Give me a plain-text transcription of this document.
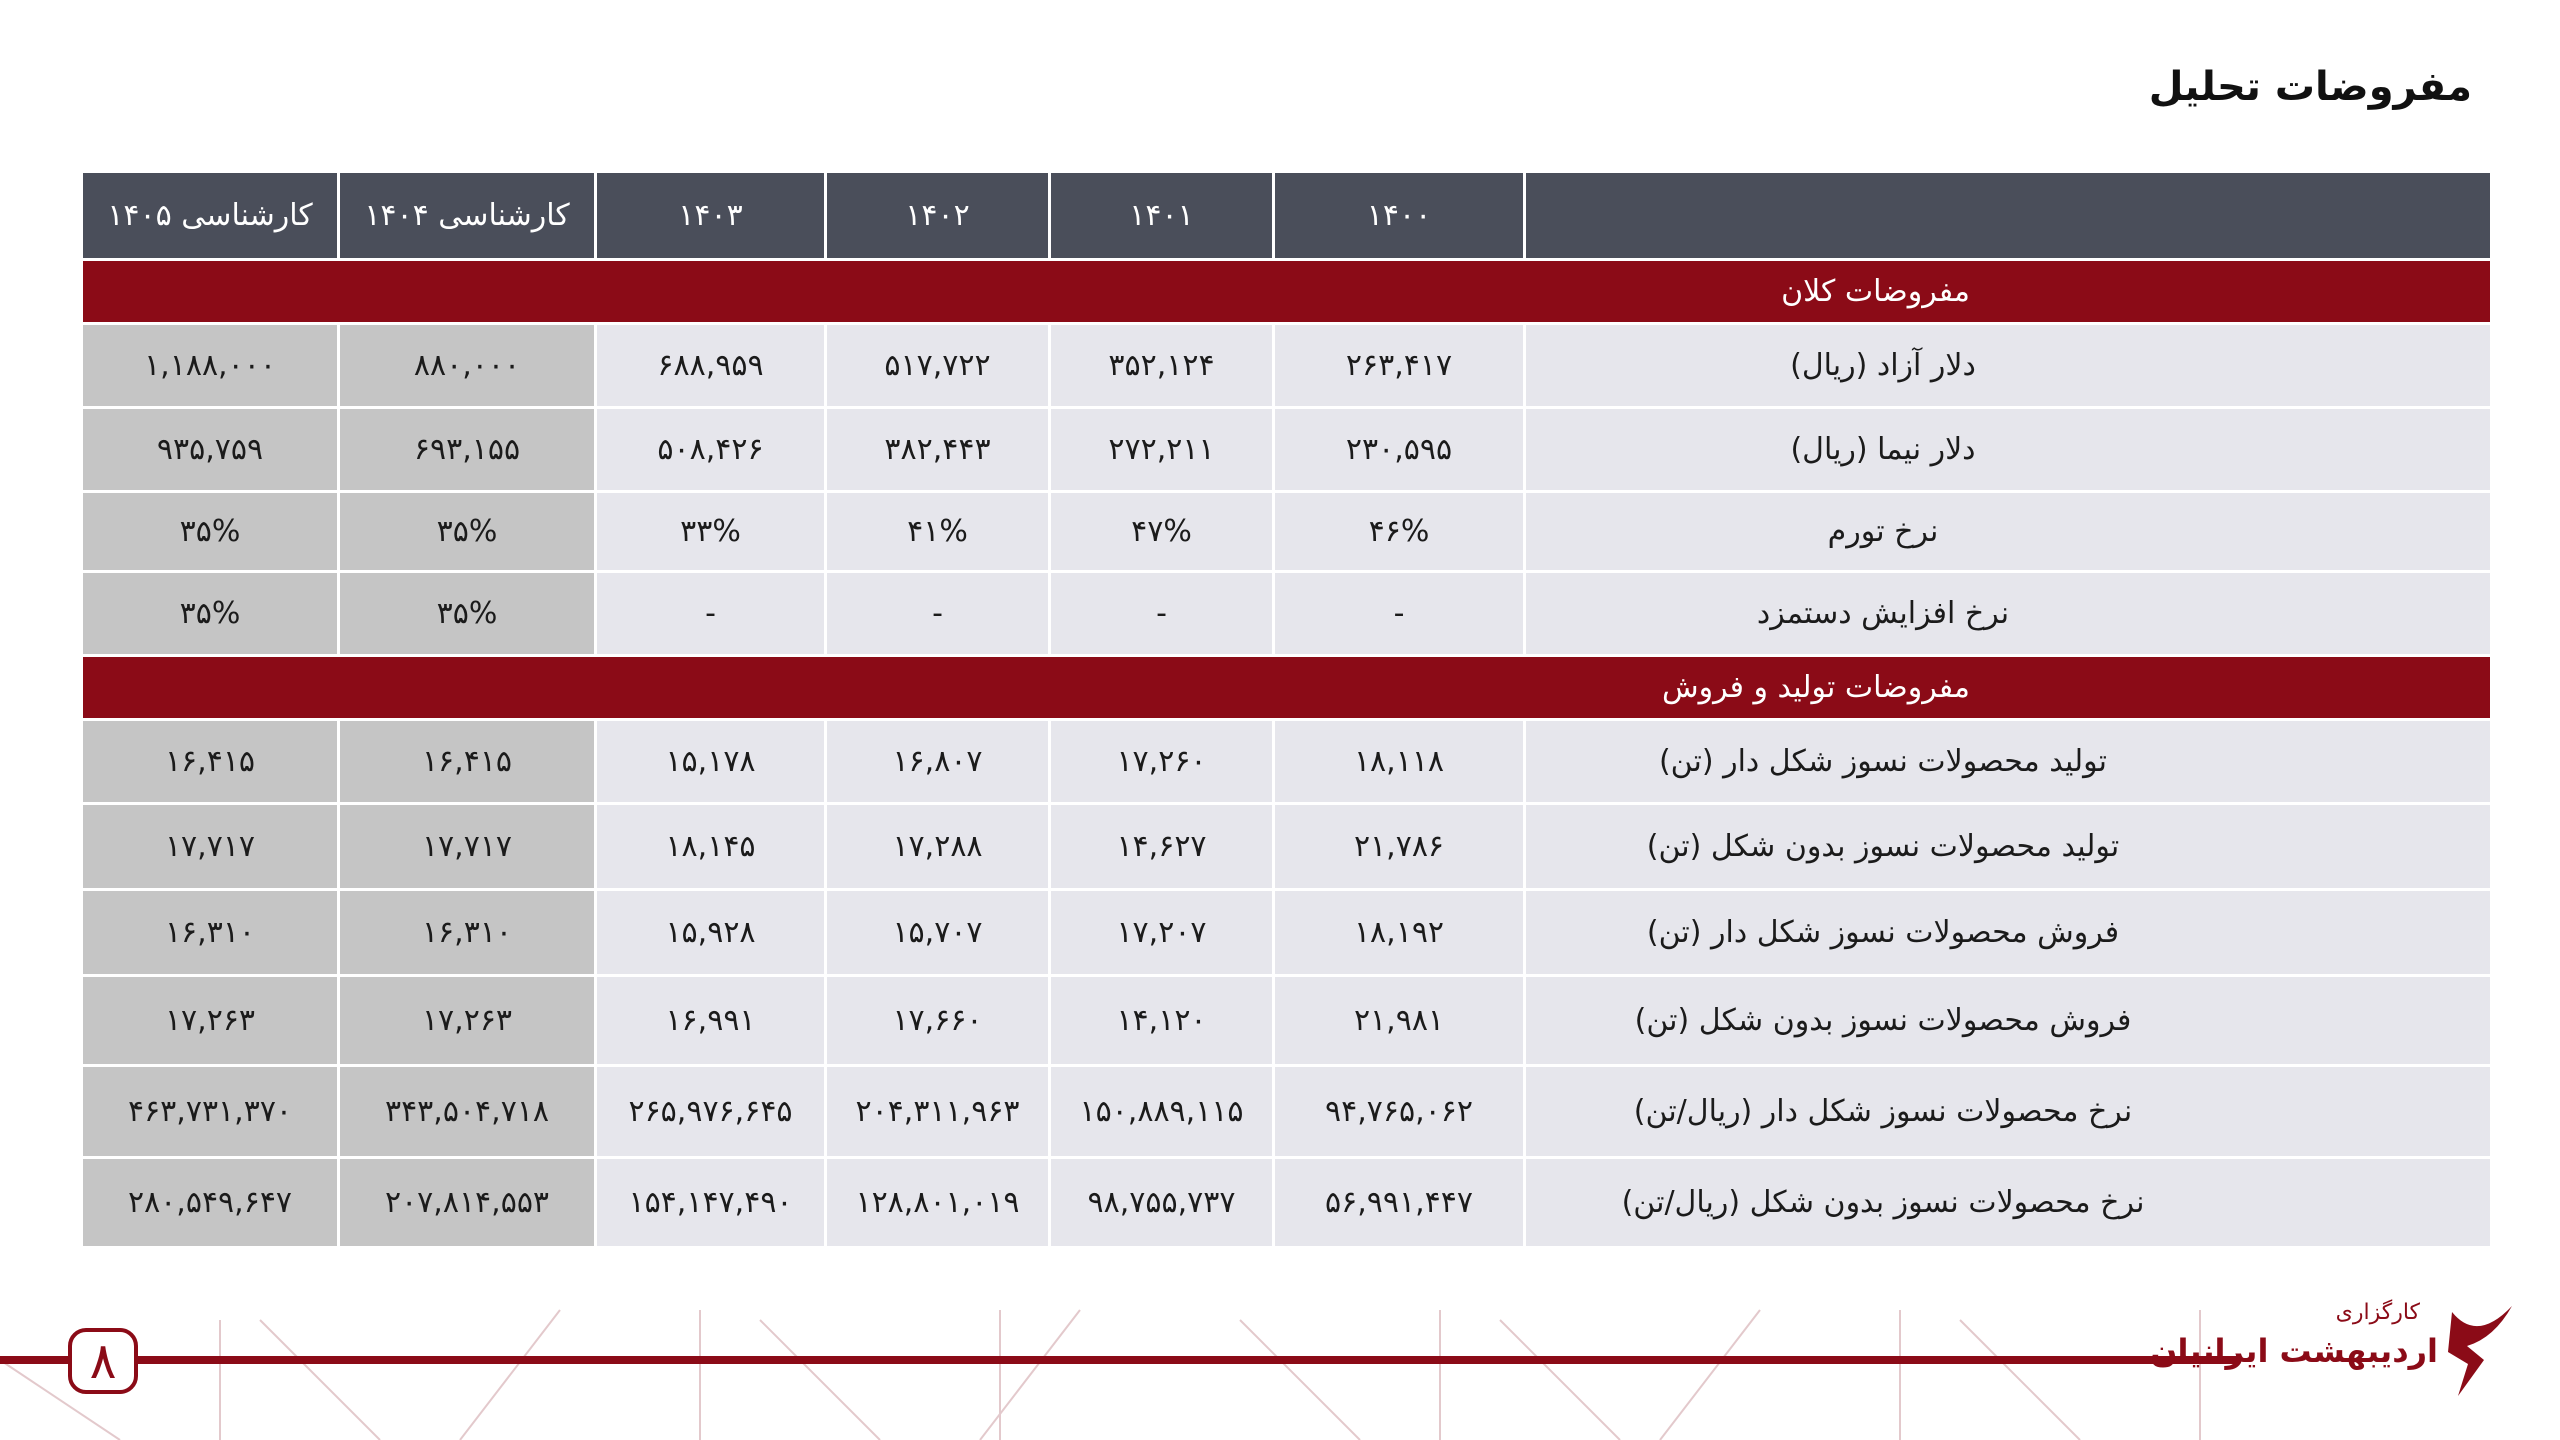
مفروضات تحلیل
کارشناسی ۱۴۰۵	کارشناسی ۱۴۰۴	۱۴۰۳	۱۴۰۲	۱۴۰۱	۱۴۰۰	
مفروضات کلان						
۱,۱۸۸,۰۰۰	۸۸۰,۰۰۰	۶۸۸,۹۵۹	۵۱۷,۷۲۲	۳۵۲,۱۲۴	۲۶۳,۴۱۷	دلار آزاد (ریال)
۹۳۵,۷۵۹	۶۹۳,۱۵۵	۵۰۸,۴۲۶	۳۸۲,۴۴۳	۲۷۲,۲۱۱	۲۳۰,۵۹۵	دلار نیما (ریال)
۳۵%	۳۵%	۳۳%	۴۱%	۴۷%	۴۶%	نرخ تورم
۳۵%	۳۵%	-	-	-	-	نرخ افزایش دستمزد
مفروضات تولید و فروش						
۱۶,۴۱۵	۱۶,۴۱۵	۱۵,۱۷۸	۱۶,۸۰۷	۱۷,۲۶۰	۱۸,۱۱۸	تولید محصولات نسوز شکل دار (تن)
۱۷,۷۱۷	۱۷,۷۱۷	۱۸,۱۴۵	۱۷,۲۸۸	۱۴,۶۲۷	۲۱,۷۸۶	تولید محصولات نسوز بدون شکل (تن)
۱۶,۳۱۰	۱۶,۳۱۰	۱۵,۹۲۸	۱۵,۷۰۷	۱۷,۲۰۷	۱۸,۱۹۲	فروش محصولات نسوز شکل دار (تن)
۱۷,۲۶۳	۱۷,۲۶۳	۱۶,۹۹۱	۱۷,۶۶۰	۱۴,۱۲۰	۲۱,۹۸۱	فروش محصولات نسوز بدون شکل (تن)
۴۶۳,۷۳۱,۳۷۰	۳۴۳,۵۰۴,۷۱۸	۲۶۵,۹۷۶,۶۴۵	۲۰۴,۳۱۱,۹۶۳	۱۵۰,۸۸۹,۱۱۵	۹۴,۷۶۵,۰۶۲	نرخ محصولات نسوز شکل دار (ریال/تن)
۲۸۰,۵۴۹,۶۴۷	۲۰۷,۸۱۴,۵۵۳	۱۵۴,۱۴۷,۴۹۰	۱۲۸,۸۰۱,۰۱۹	۹۸,۷۵۵,۷۳۷	۵۶,۹۹۱,۴۴۷	نرخ محصولات نسوز بدون شکل (ریال/تن)
۸
کارگزاری
اردیبهشت ایرانیان
